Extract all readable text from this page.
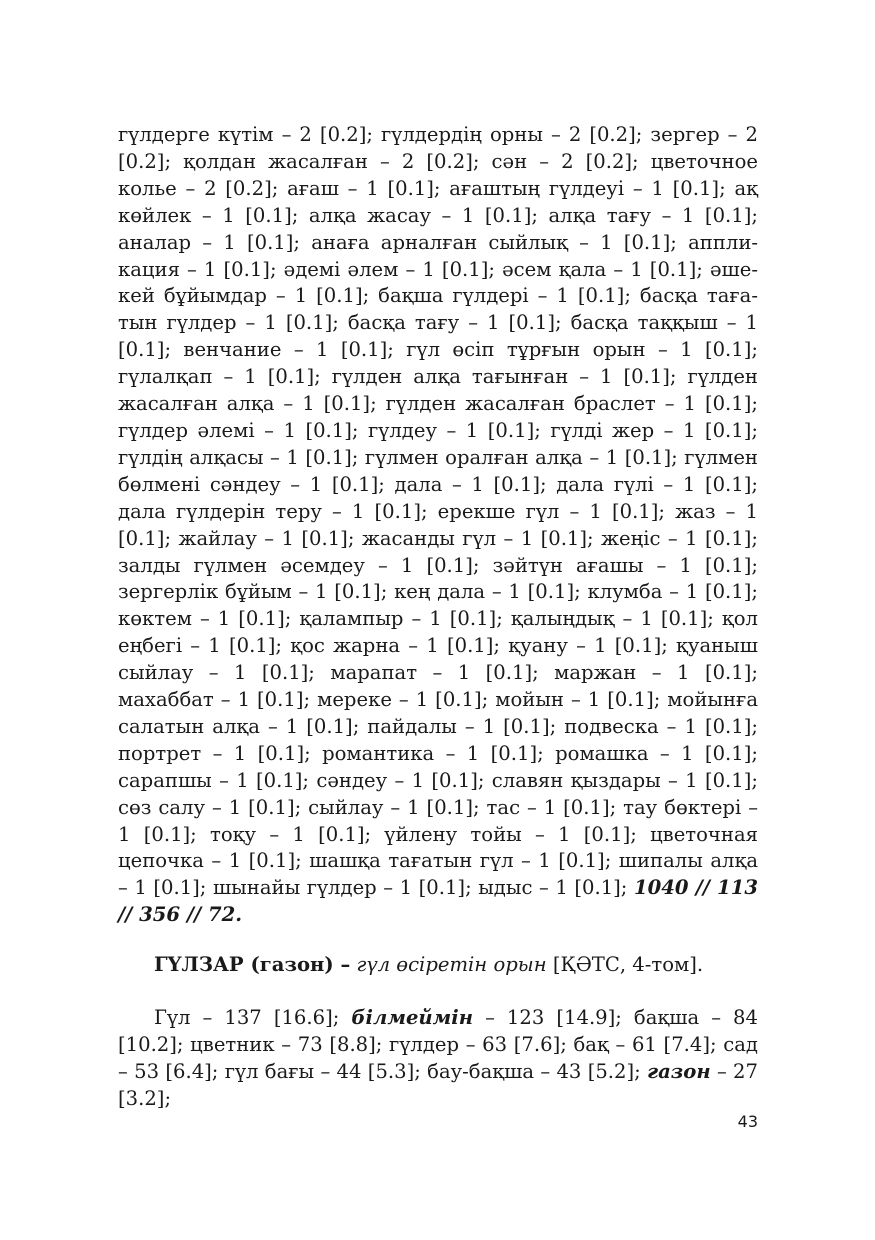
гүлдерге күтім – 2 [0.2]; гүлдердің орны – 2 [0.2]; зергер – 2 [0.2]; қолдан жасалған – 2 [0.2]; сән – 2 [0.2]; цветочное колье – 2 [0.2]; ағаш – 1 [0.1]; ағаштың гүлдеуі – 1 [0.1]; ақ көйлек – 1 [0.1]; алқа жасау – 1 [0.1]; алқа тағу – 1 [0.1]; аналар – 1 [0.1]; анаға арналған сыйлық – 1 [0.1]; аппликация – 1 [0.1]; әдемі әлем – 1 [0.1]; әсем қала – 1 [0.1]; әшекей бұйымдар – 1 [0.1]; бақша гүлдері – 1 [0.1]; басқа тағатын гүлдер – 1 [0.1]; басқа тағу – 1 [0.1]; басқа таққыш – 1 [0.1]; венчание – 1 [0.1]; гүл өсіп тұрғын орын – 1 [0.1]; гүлалқап – 1 [0.1]; гүлден алқа тағынған – 1 [0.1]; гүлден жасалған алқа – 1 [0.1]; гүлден жасалған браслет – 1 [0.1]; гүлдер әлемі – 1 [0.1]; гүлдеу – 1 [0.1]; гүлді жер – 1 [0.1]; гүлдің алқасы – 1 [0.1]; гүлмен оралған алқа – 1 [0.1]; гүлмен бөлмені сәндеу – 1 [0.1]; дала – 1 [0.1]; дала гүлі – 1 [0.1]; дала гүлдерін теру – 1 [0.1]; ерекше гүл – 1 [0.1]; жаз – 1 [0.1]; жайлау – 1 [0.1]; жасанды гүл – 1 [0.1]; жеңіс – 1 [0.1]; залды гүлмен әсемдеу – 1 [0.1]; зәйтүн ағашы – 1 [0.1]; зергерлік бұйым – 1 [0.1]; кең дала – 1 [0.1]; клумба – 1 [0.1]; көктем – 1 [0.1]; қалампыр – 1 [0.1]; қалыңдық – 1 [0.1]; қол еңбегі – 1 [0.1]; қос жарна – 1 [0.1]; қуану – 1 [0.1]; қуаныш сыйлау – 1 [0.1]; марапат – 1 [0.1]; маржан – 1 [0.1]; махаббат – 1 [0.1]; мереке – 1 [0.1]; мойын – 1 [0.1]; мойынға салатын алқа – 1 [0.1]; пайдалы – 1 [0.1]; подвеска – 1 [0.1]; портрет – 1 [0.1]; романтика – 1 [0.1]; ромашка – 1 [0.1]; сарапшы – 1 [0.1]; сәндеу – 1 [0.1]; славян қыздары – 1 [0.1]; сөз салу – 1 [0.1]; сыйлау – 1 [0.1]; тас – 1 [0.1]; тау бөктері – 1 [0.1]; тоқу – 1 [0.1]; үйлену тойы – 1 [0.1]; цветочная цепочка – 1 [0.1]; шашқа тағатын гүл – 1 [0.1]; шипалы алқа – 1 [0.1]; шынайы гүлдер – 1 [0.1]; ыдыс – 1 [0.1]; 1040 // 113 // 356 // 72.

ГҮЛЗАР (газон) – гүл өсіретін орын [ҚӘТС, 4-том].
Гүл – 137 [16.6]; білмеймін – 123 [14.9]; бақша – 84 [10.2]; цветник – 73 [8.8]; гүлдер – 63 [7.6]; бақ – 61 [7.4]; сад – 53 [6.4]; гүл бағы – 44 [5.3]; бау-бақша – 43 [5.2]; газон – 27 [3.2];
43
